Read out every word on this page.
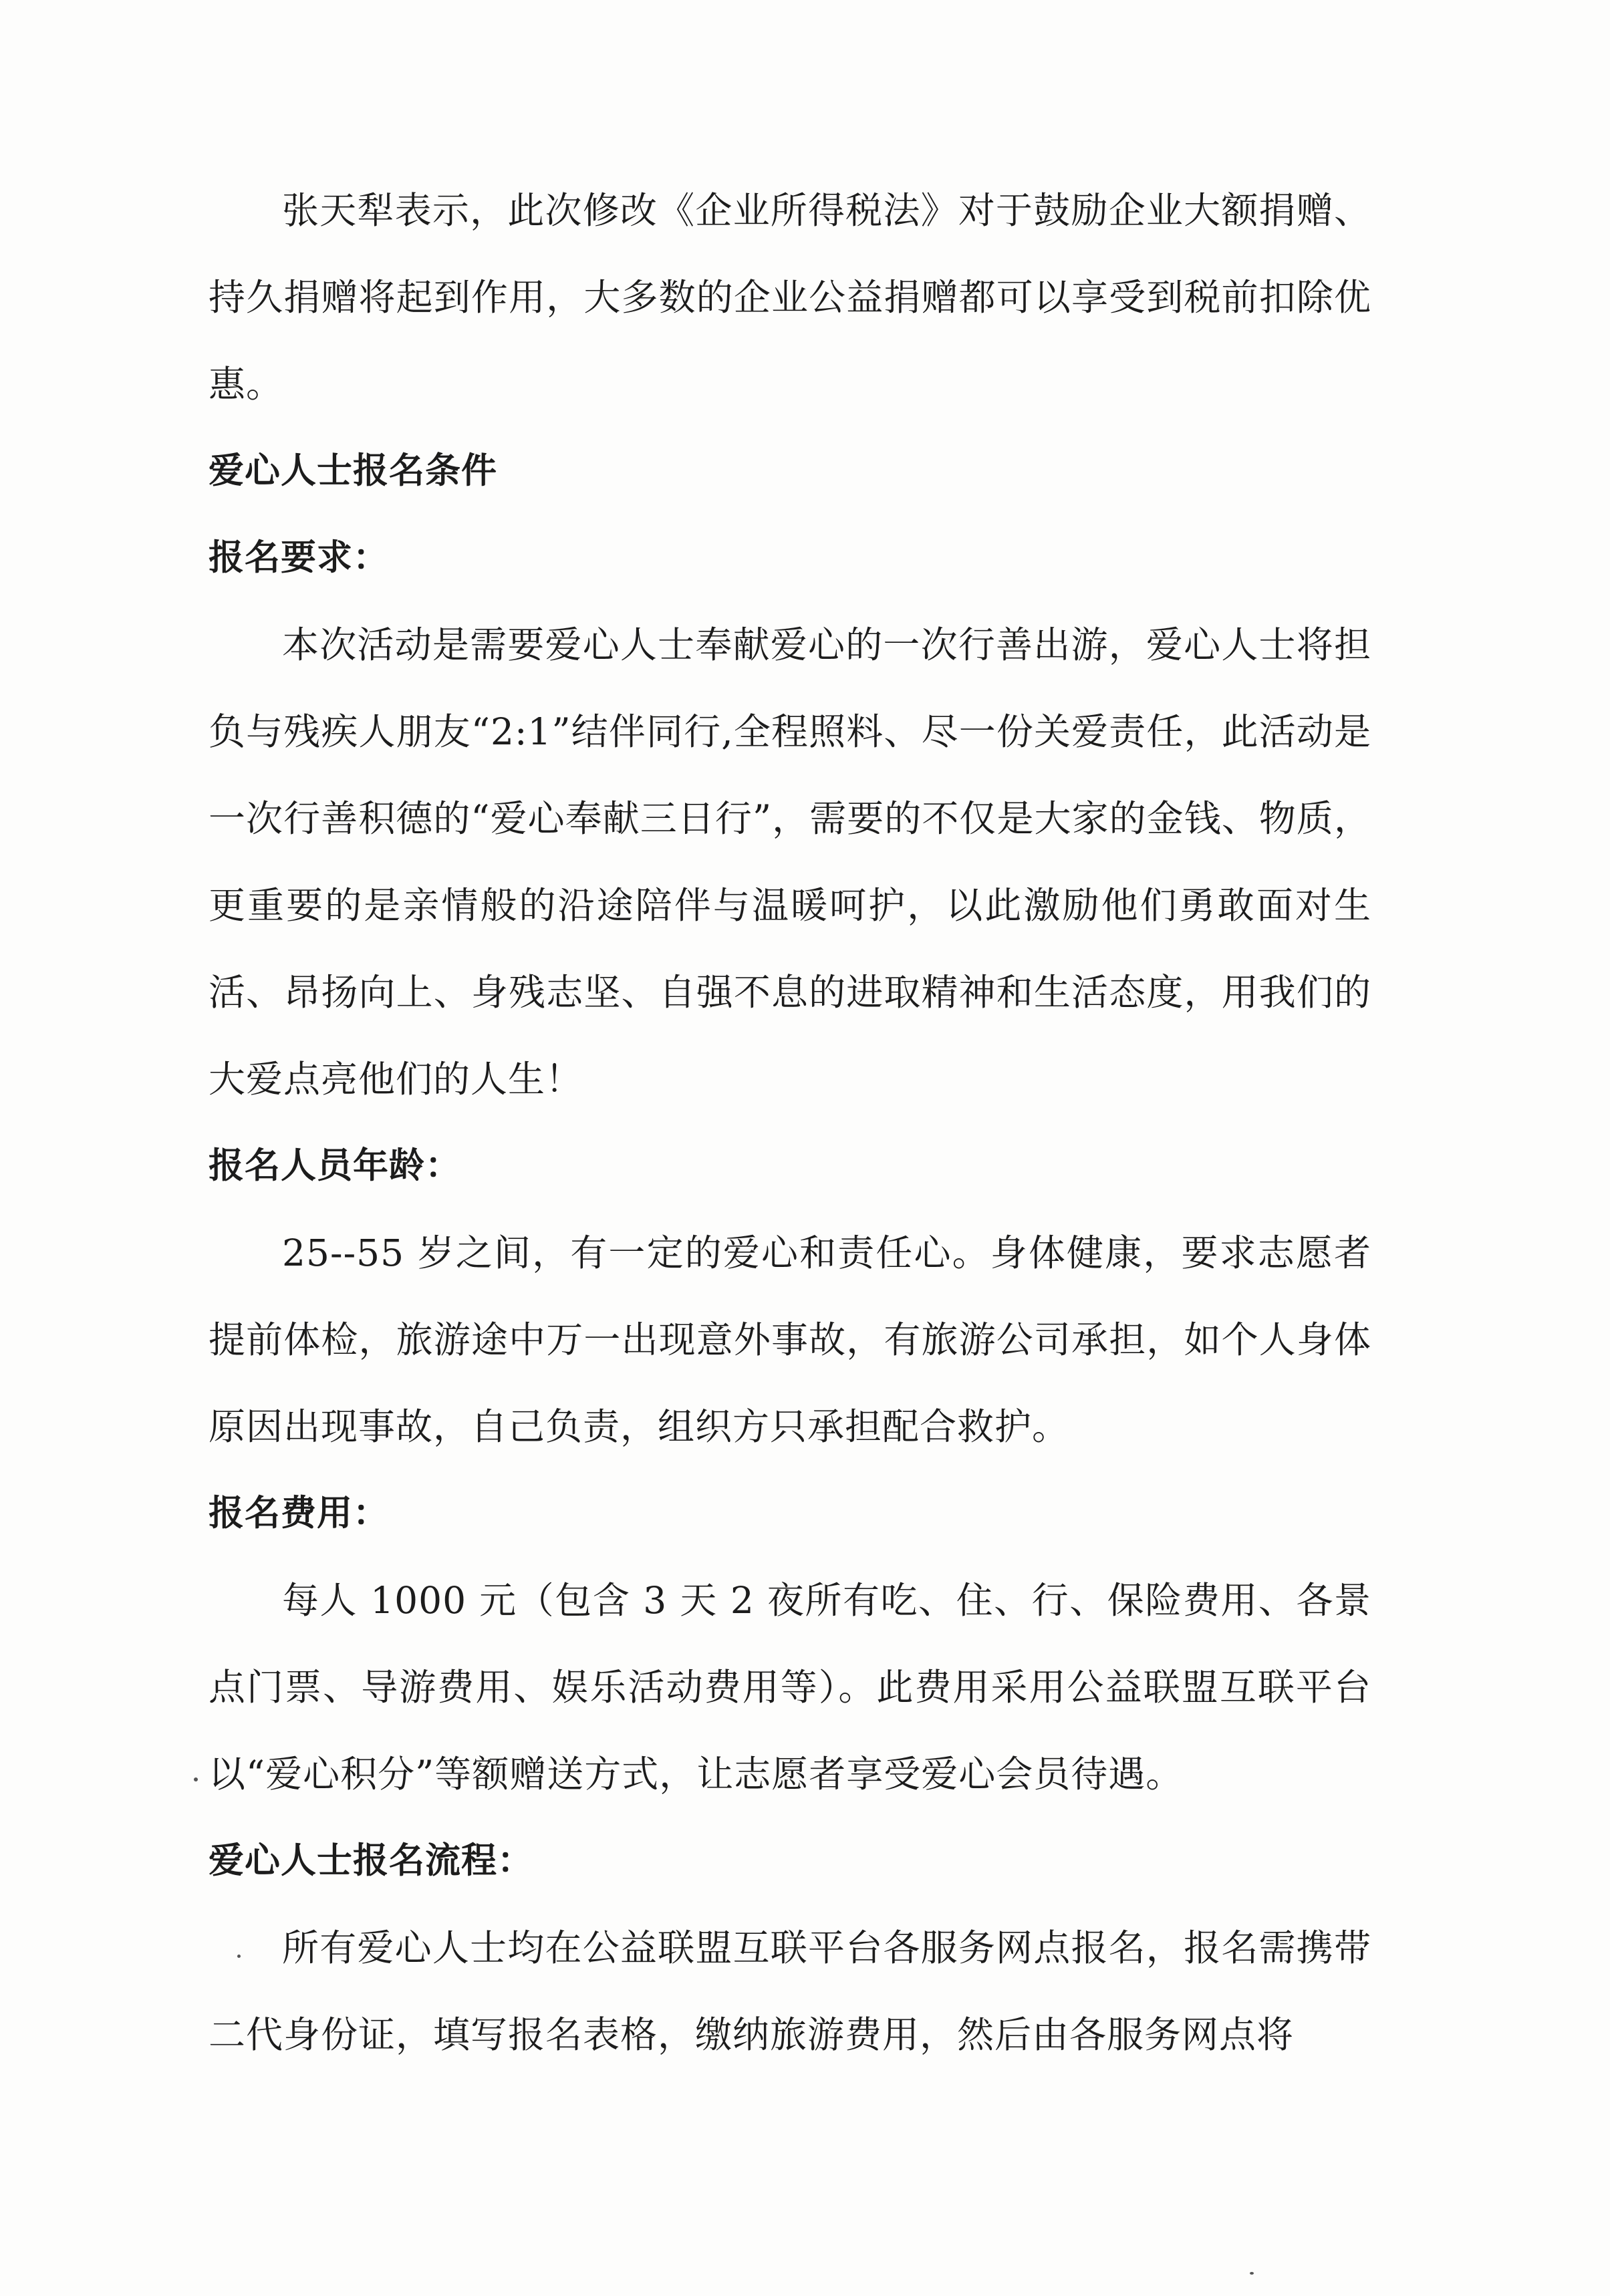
张天犁表示，此次修改《企业所得税法》对于鼓励企业大额捐赠、持久捐赠将起到作用，大多数的企业公益捐赠都可以享受到税前扣除优惠。

爱心人士报名条件

报名要求：

本次活动是需要爱心人士奉献爱心的一次行善出游，爱心人士将担负与残疾人朋友“2:1”结伴同行,全程照料、尽一份关爱责任，此活动是一次行善积德的“爱心奉献三日行”，需要的不仅是大家的金钱、物质，更重要的是亲情般的沿途陪伴与温暖呵护，以此激励他们勇敢面对生活、昂扬向上、身残志坚、自强不息的进取精神和生活态度，用我们的大爱点亮他们的人生！

报名人员年龄：

25--55 岁之间，有一定的爱心和责任心。身体健康，要求志愿者提前体检，旅游途中万一出现意外事故，有旅游公司承担，如个人身体原因出现事故，自己负责，组织方只承担配合救护。

报名费用：

每人 1000 元（包含 3 天 2 夜所有吃、住、行、保险费用、各景点门票、导游费用、娱乐活动费用等）。此费用采用公益联盟互联平台以“爱心积分”等额赠送方式，让志愿者享受爱心会员待遇。

爱心人士报名流程：

所有爱心人士均在公益联盟互联平台各服务网点报名，报名需携带二代身份证，填写报名表格，缴纳旅游费用，然后由各服务网点将
